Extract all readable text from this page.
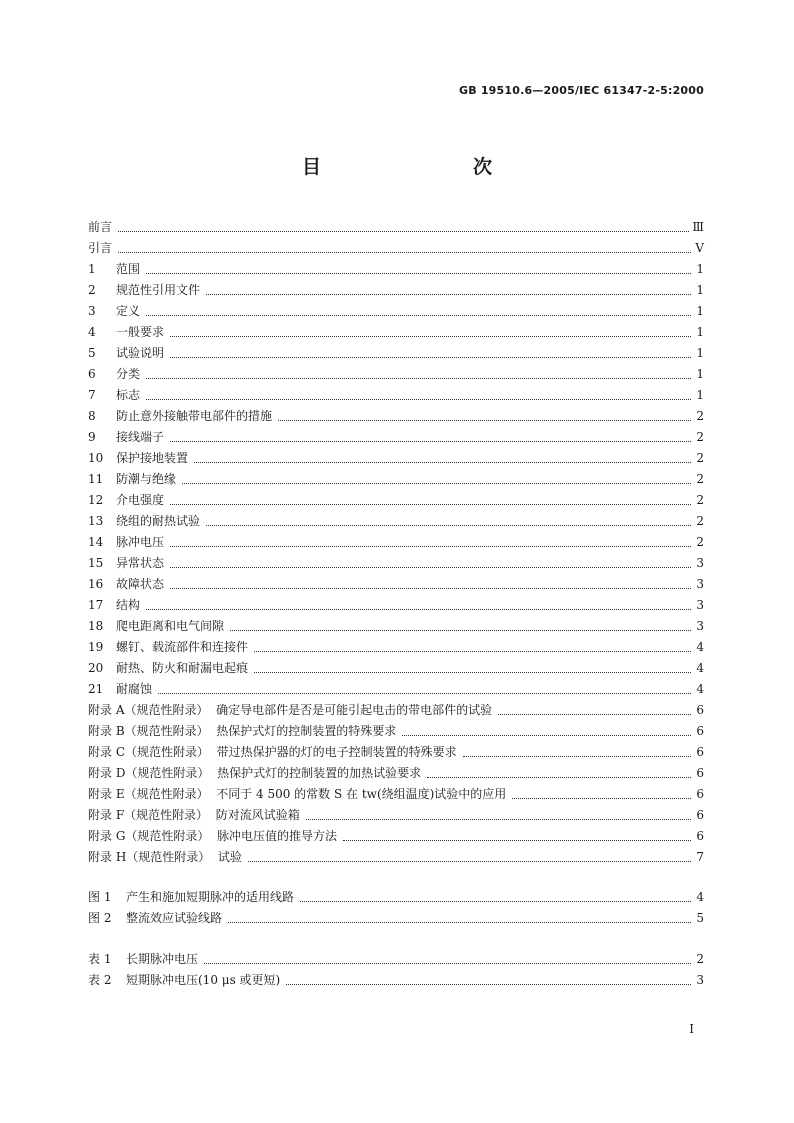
GB 19510.6—2005/IEC 61347-2-5:2000
目　　次
前言	Ⅲ
引言	Ⅴ
1 范围	1
2 规范性引用文件	1
3 定义	1
4 一般要求	1
5 试验说明	1
6 分类	1
7 标志	1
8 防止意外接触带电部件的措施	2
9 接线端子	2
10 保护接地装置	2
11 防潮与绝缘	2
12 介电强度	2
13 绕组的耐热试验	2
14 脉冲电压	2
15 异常状态	3
16 故障状态	3
17 结构	3
18 爬电距离和电气间隙	3
19 螺钉、载流部件和连接件	4
20 耐热、防火和耐漏电起痕	4
21 耐腐蚀	4
附录 A（规范性附录）  确定导电部件是否是可能引起电击的带电部件的试验	6
附录 B（规范性附录）  热保护式灯的控制装置的特殊要求	6
附录 C（规范性附录）  带过热保护器的灯的电子控制装置的特殊要求	6
附录 D（规范性附录）  热保护式灯的控制装置的加热试验要求	6
附录 E（规范性附录）  不同于 4 500 的常数 S 在 tw(绕组温度)试验中的应用	6
附录 F（规范性附录）  防对流风试验箱	6
附录 G（规范性附录）  脉冲电压值的推导方法	6
附录 H（规范性附录）  试验	7
图 1 产生和施加短期脉冲的适用线路	4
图 2 整流效应试验线路	5
表 1 长期脉冲电压	2
表 2 短期脉冲电压(10 μs 或更短)	3
I
